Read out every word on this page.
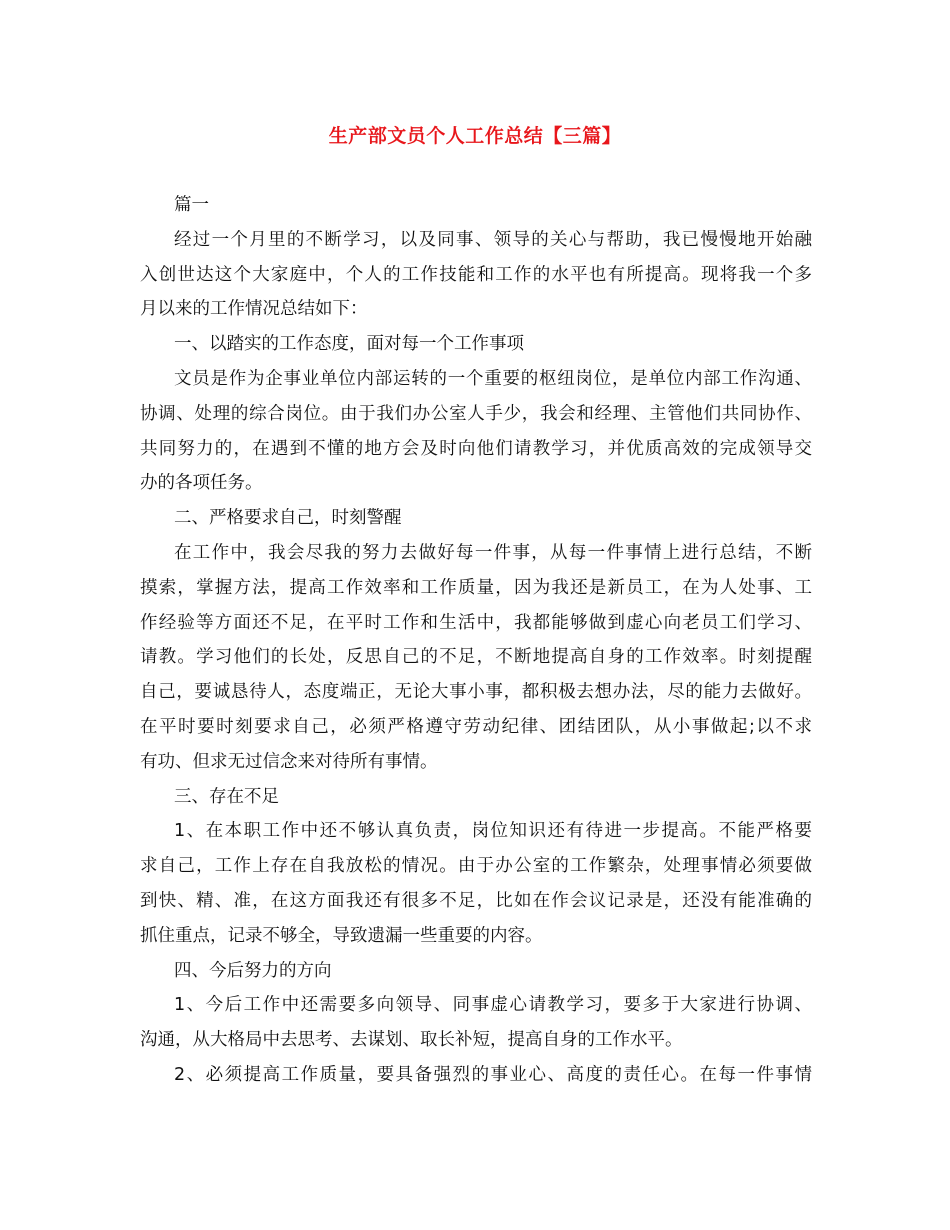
生产部文员个人工作总结【三篇】
篇一
经过一个月里的不断学习，以及同事、领导的关心与帮助，我已慢慢地开始融
入创世达这个大家庭中，个人的工作技能和工作的水平也有所提高。现将我一个多
月以来的工作情况总结如下：
一、以踏实的工作态度，面对每一个工作事项
文员是作为企事业单位内部运转的一个重要的枢纽岗位，是单位内部工作沟通、
协调、处理的综合岗位。由于我们办公室人手少，我会和经理、主管他们共同协作、
共同努力的，在遇到不懂的地方会及时向他们请教学习，并优质高效的完成领导交
办的各项任务。
二、严格要求自己，时刻警醒
在工作中，我会尽我的努力去做好每一件事，从每一件事情上进行总结，不断
摸索，掌握方法，提高工作效率和工作质量，因为我还是新员工，在为人处事、工
作经验等方面还不足，在平时工作和生活中，我都能够做到虚心向老员工们学习、
请教。学习他们的长处，反思自己的不足，不断地提高自身的工作效率。时刻提醒
自己，要诚恳待人，态度端正，无论大事小事，都积极去想办法，尽的能力去做好。
在平时要时刻要求自己，必须严格遵守劳动纪律、团结团队，从小事做起;以不求
有功、但求无过信念来对待所有事情。
三、存在不足
1、在本职工作中还不够认真负责，岗位知识还有待进一步提高。不能严格要
求自己，工作上存在自我放松的情况。由于办公室的工作繁杂，处理事情必须要做
到快、精、准，在这方面我还有很多不足，比如在作会议记录是，还没有能准确的
抓住重点，记录不够全，导致遗漏一些重要的内容。
四、今后努力的方向
1、今后工作中还需要多向领导、同事虚心请教学习，要多于大家进行协调、
沟通，从大格局中去思考、去谋划、取长补短，提高自身的工作水平。
2、必须提高工作质量，要具备强烈的事业心、高度的责任心。在每一件事情
